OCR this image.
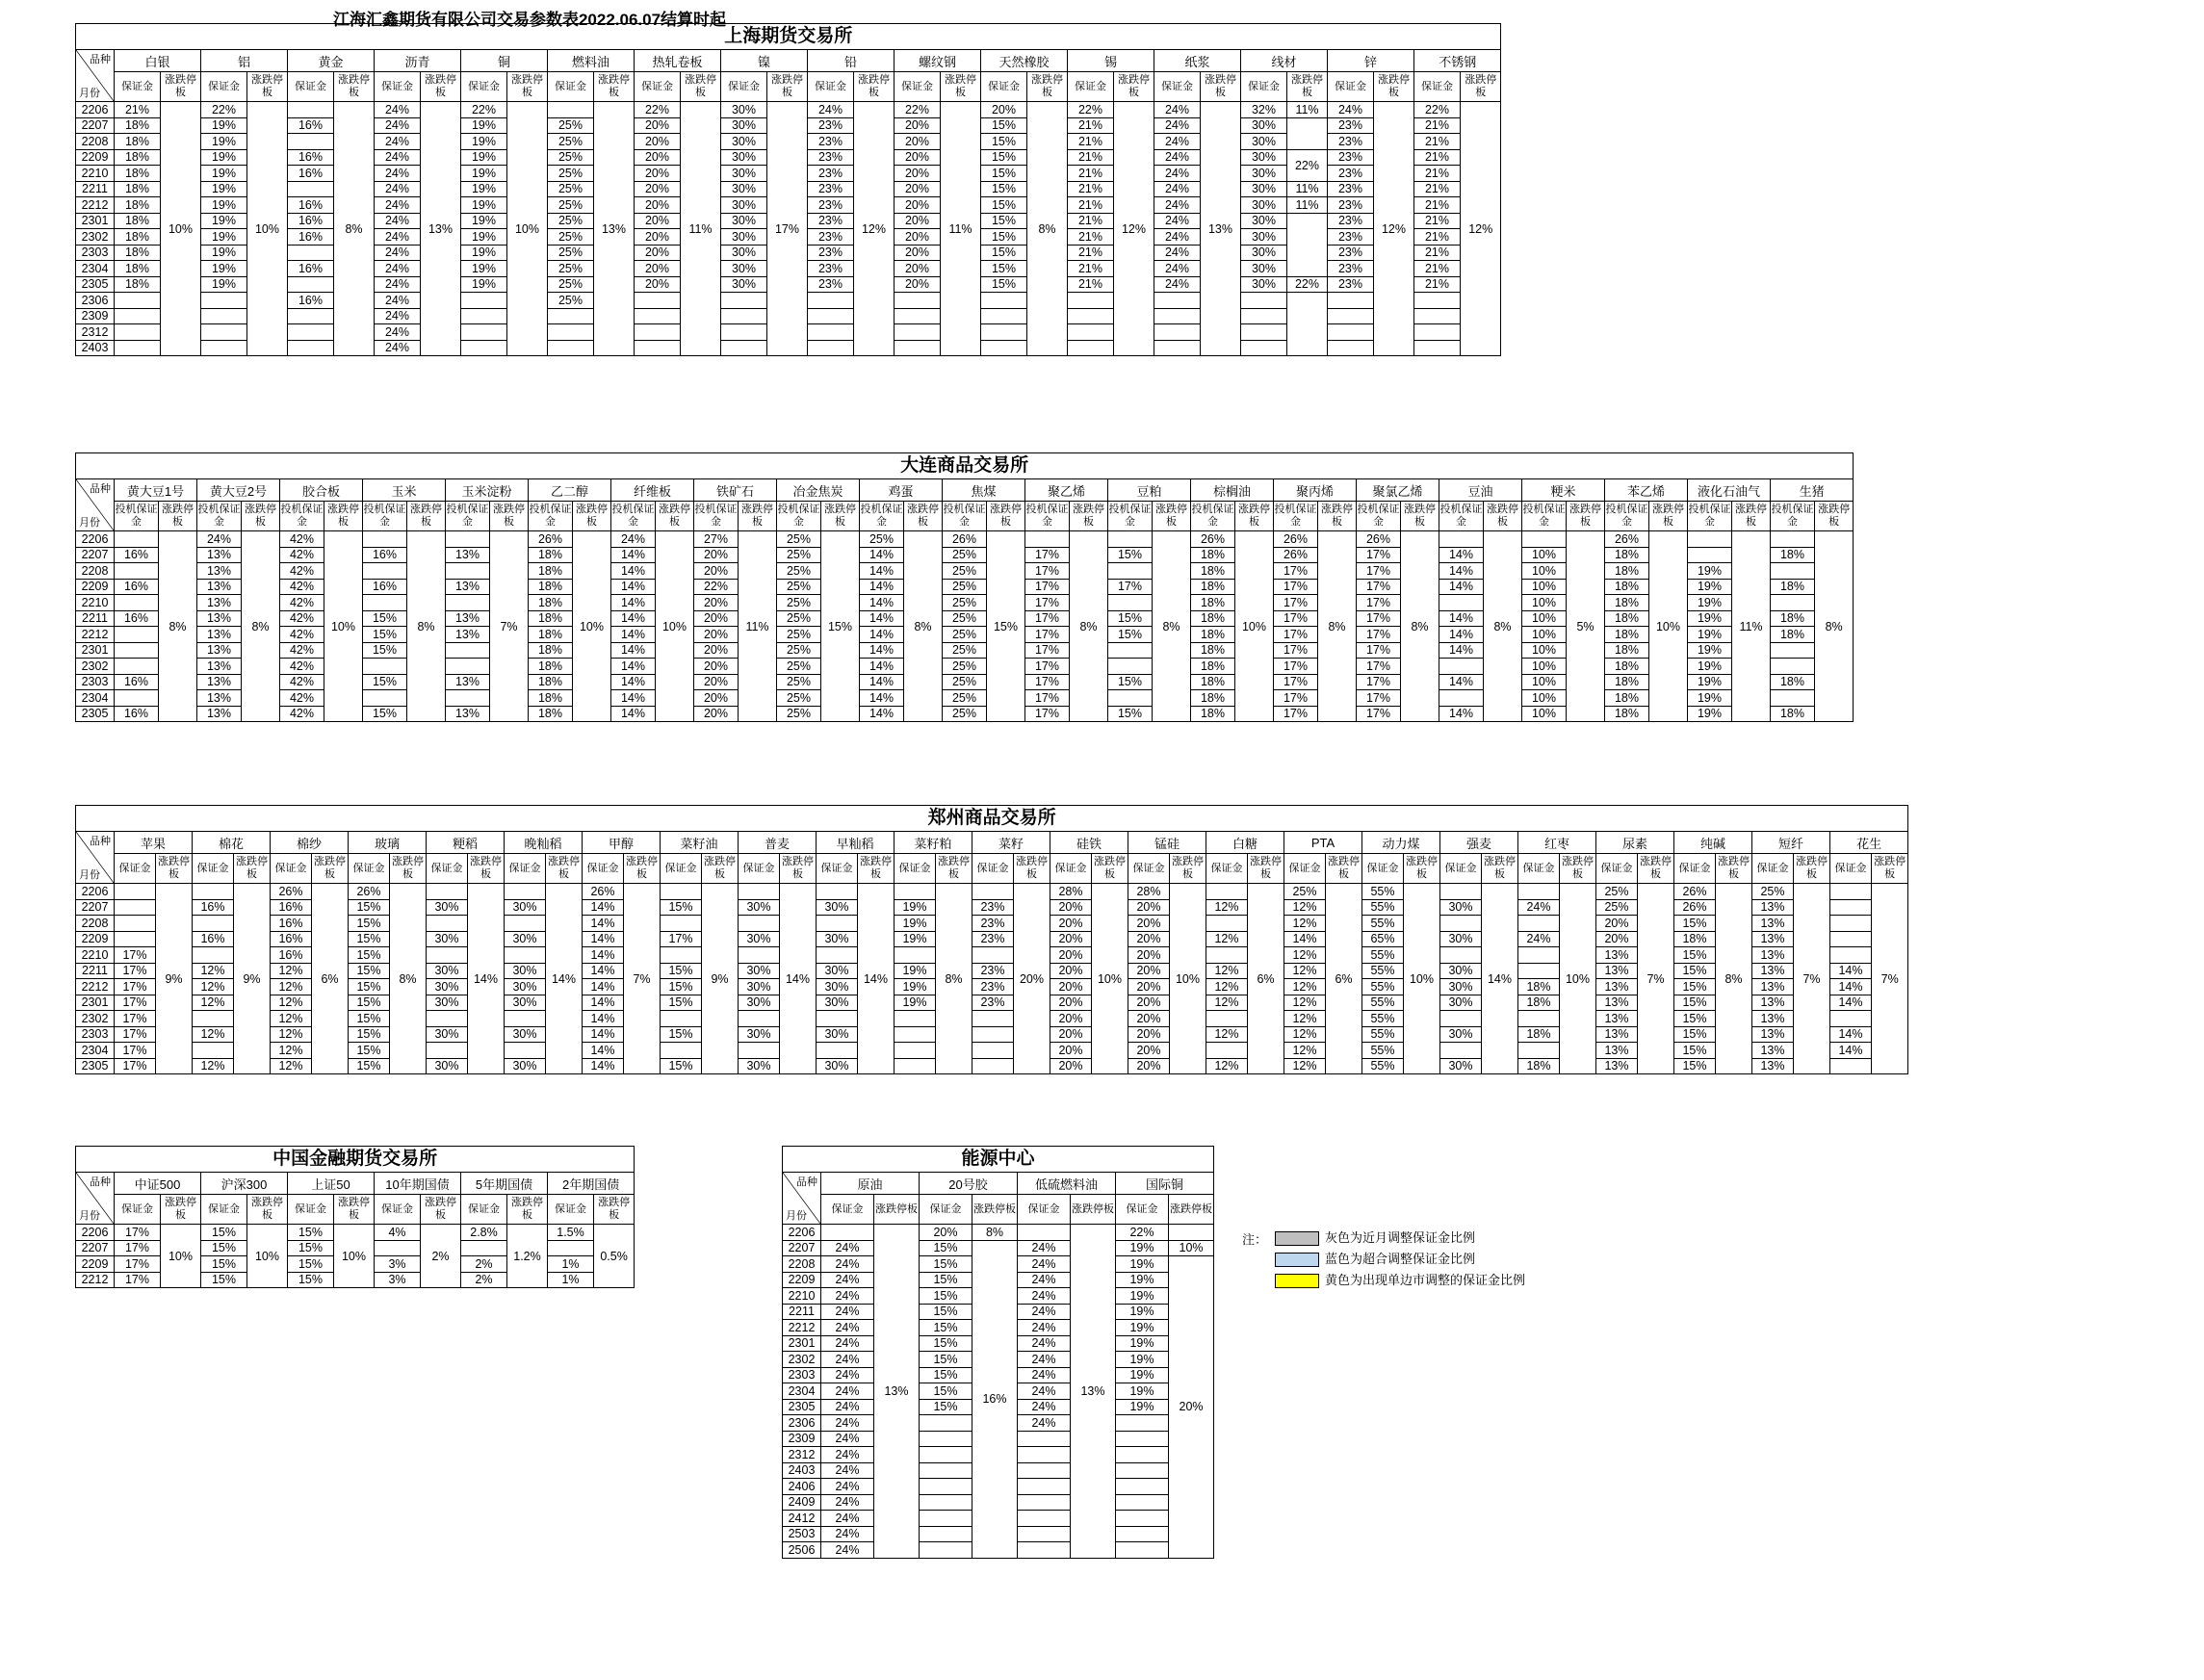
江海汇鑫期货有限公司交易参数表2022.06.07结算时起
上海期货交易所																																

品种
月份	白银		铝		黄金		沥青		铜		燃料油		热轧卷板		镍		铅		螺纹钢		天然橡胶		锡		纸浆		线材		锌		不锈钢	
	保证金	涨跌停板	保证金	涨跌停板	保证金	涨跌停板	保证金	涨跌停板	保证金	涨跌停板	保证金	涨跌停板	保证金	涨跌停板	保证金	涨跌停板	保证金	涨跌停板	保证金	涨跌停板	保证金	涨跌停板	保证金	涨跌停板	保证金	涨跌停板	保证金	涨跌停板	保证金	涨跌停板	保证金	涨跌停板
2206	21%	10%	22%	10%		8%	24%	13%	22%	10%		13%	22%	11%	30%	17%	24%	12%	22%	11%	20%	8%	22%	12%	24%	13%	32%	11%	24%	12%	22%	12%
2207	18%		19%		16%		24%		19%		25%		20%		30%		23%		20%		15%		21%		24%		30%		23%		21%	
2208	18%		19%				24%		19%		25%		20%		30%		23%		20%		15%		21%		24%		30%		23%		21%	
2209	18%		19%		16%		24%		19%		25%		20%		30%		23%		20%		15%		21%		24%		30%	22%	23%		21%	
2210	18%		19%		16%		24%		19%		25%		20%		30%		23%		20%		15%		21%		24%		30%		23%		21%	
2211	18%		19%				24%		19%		25%		20%		30%		23%		20%		15%		21%		24%		30%	11%	23%		21%	
2212	18%		19%		16%		24%		19%		25%		20%		30%		23%		20%		15%		21%		24%		30%	11%	23%		21%	
2301	18%		19%		16%		24%		19%		25%		20%		30%		23%		20%		15%		21%		24%		30%		23%		21%	
2302	18%		19%		16%		24%		19%		25%		20%		30%		23%		20%		15%		21%		24%		30%		23%		21%	
2303	18%		19%				24%		19%		25%		20%		30%		23%		20%		15%		21%		24%		30%		23%		21%	
2304	18%		19%		16%		24%		19%		25%		20%		30%		23%		20%		15%		21%		24%		30%		23%		21%	
2305	18%		19%				24%		19%		25%		20%		30%		23%		20%		15%		21%		24%		30%	22%	23%		21%	
2306					16%		24%				25%																					
2309							24%																									
2312							24%																									
2403							24%																									
大连商品交易所																																										

品种
月份	黄大豆1号		黄大豆2号		胶合板		玉米		玉米淀粉		乙二醇		纤维板		铁矿石		冶金焦炭		鸡蛋		焦煤		聚乙烯		豆粕		棕榈油		聚丙烯		聚氯乙烯		豆油		粳米		苯乙烯		液化石油气		生猪	
	投机保证金	涨跌停板	投机保证金	涨跌停板	投机保证金	涨跌停板	投机保证金	涨跌停板	投机保证金	涨跌停板	投机保证金	涨跌停板	投机保证金	涨跌停板	投机保证金	涨跌停板	投机保证金	涨跌停板	投机保证金	涨跌停板	投机保证金	涨跌停板	投机保证金	涨跌停板	投机保证金	涨跌停板	投机保证金	涨跌停板	投机保证金	涨跌停板	投机保证金	涨跌停板	投机保证金	涨跌停板	投机保证金	涨跌停板	投机保证金	涨跌停板	投机保证金	涨跌停板	投机保证金	涨跌停板
2206		8%	24%	8%	42%	10%		8%		7%	26%	10%	24%	10%	27%	11%	25%	15%	25%	8%	26%	15%		8%		8%	26%	10%	26%	8%	26%	8%		8%		5%	26%	10%		11%		8%
2207	16%		13%		42%		16%		13%		18%		14%		20%		25%		14%		25%		17%		15%		18%		26%		17%		14%		10%		18%				18%	
2208			13%		42%						18%		14%		20%		25%		14%		25%		17%				18%		17%		17%		14%		10%		18%		19%			
2209	16%		13%		42%		16%		13%		18%		14%		22%		25%		14%		25%		17%		17%		18%		17%		17%		14%		10%		18%		19%		18%	
2210			13%		42%						18%		14%		20%		25%		14%		25%		17%				18%		17%		17%				10%		18%		19%			
2211	16%		13%		42%		15%		13%		18%		14%		20%		25%		14%		25%		17%		15%		18%		17%		17%		14%		10%		18%		19%		18%	
2212			13%		42%		15%		13%		18%		14%		20%		25%		14%		25%		17%		15%		18%		17%		17%		14%		10%		18%		19%		18%	
2301			13%		42%		15%				18%		14%		20%		25%		14%		25%		17%				18%		17%		17%		14%		10%		18%		19%			
2302			13%		42%						18%		14%		20%		25%		14%		25%		17%				18%		17%		17%				10%		18%		19%			
2303	16%		13%		42%		15%		13%		18%		14%		20%		25%		14%		25%		17%		15%		18%		17%		17%		14%		10%		18%		19%		18%	
2304			13%		42%						18%		14%		20%		25%		14%		25%		17%				18%		17%		17%				10%		18%		19%			
2305	16%		13%		42%		15%		13%		18%		14%		20%		25%		14%		25%		17%		15%		18%		17%		17%		14%		10%		18%		19%		18%	
郑州商品交易所																																														

品种
月份	苹果		棉花		棉纱		玻璃		粳稻		晚籼稻		甲醇		菜籽油		普麦		早籼稻		菜籽粕		菜籽		硅铁		锰硅		白糖		PTA		动力煤		强麦		红枣		尿素		纯碱		短纤		花生	
	保证金	涨跌停板	保证金	涨跌停板	保证金	涨跌停板	保证金	涨跌停板	保证金	涨跌停板	保证金	涨跌停板	保证金	涨跌停板	保证金	涨跌停板	保证金	涨跌停板	保证金	涨跌停板	保证金	涨跌停板	保证金	涨跌停板	保证金	涨跌停板	保证金	涨跌停板	保证金	涨跌停板	保证金	涨跌停板	保证金	涨跌停板	保证金	涨跌停板	保证金	涨跌停板	保证金	涨跌停板	保证金	涨跌停板	保证金	涨跌停板	保证金	涨跌停板
2206		9%		9%	26%	6%	26%	8%		14%		14%	26%	7%		9%		14%		14%		8%		20%	28%	10%	28%	10%		6%	25%	6%	55%	10%		14%		10%	25%	7%	26%	8%	25%	7%		7%
2207			16%		16%		15%		30%		30%		14%		15%		30%		30%		19%		23%		20%		20%		12%		12%		55%		30%		24%		25%		26%		13%			
2208					16%		15%						14%								19%		23%		20%		20%				12%		55%						20%		15%		13%			
2209			16%		16%		15%		30%		30%		14%		17%		30%		30%		19%		23%		20%		20%		12%		14%		65%		30%		24%		20%		18%		13%			
2210	17%				16%		15%						14%												20%		20%				12%		55%						13%		15%		13%			
2211	17%		12%		12%		15%		30%		30%		14%		15%		30%		30%		19%		23%		20%		20%		12%		12%		55%		30%				13%		15%		13%		14%	
2212	17%		12%		12%		15%		30%		30%		14%		15%		30%		30%		19%		23%		20%		20%		12%		12%		55%		30%		18%		13%		15%		13%		14%	
2301	17%		12%		12%		15%		30%		30%		14%		15%		30%		30%		19%		23%		20%		20%		12%		12%		55%		30%		18%		13%		15%		13%		14%	
2302	17%				12%		15%						14%												20%		20%				12%		55%						13%		15%		13%			
2303	17%		12%		12%		15%		30%		30%		14%		15%		30%		30%						20%		20%		12%		12%		55%		30%		18%		13%		15%		13%		14%	
2304	17%				12%		15%						14%												20%		20%				12%		55%						13%		15%		13%		14%	
2305	17%		12%		12%		15%		30%		30%		14%		15%		30%		30%						20%		20%		12%		12%		55%		30%		18%		13%		15%		13%			
中国金融期货交易所												

品种
月份	中证500		沪深300		上证50		10年期国债		5年期国债		2年期国债	
	保证金	涨跌停板	保证金	涨跌停板	保证金	涨跌停板	保证金	涨跌停板	保证金	涨跌停板	保证金	涨跌停板
2206	17%	10%	15%	10%	15%	10%	4%	2%	2.8%	1.2%	1.5%	0.5%
2207	17%		15%		15%							
2209	17%		15%		15%		3%		2%		1%	
2212	17%		15%		15%		3%		2%		1%	
能源中心								

品种
月份	原油		20号胶		低硫燃料油		国际铜	
	保证金	涨跌停板	保证金	涨跌停板	保证金	涨跌停板	保证金	涨跌停板
2206		13%	20%	8%		13%	22%	
2207	24%		15%	16%	24%		19%	10%
2208	24%		15%		24%		19%	20%
2209	24%		15%		24%		19%	
2210	24%		15%		24%		19%	
2211	24%		15%		24%		19%	
2212	24%		15%		24%		19%	
2301	24%		15%		24%		19%	
2302	24%		15%		24%		19%	
2303	24%		15%		24%		19%	
2304	24%		15%		24%		19%	
2305	24%		15%		24%		19%	
2306	24%				24%			
2309	24%							
2312	24%							
2403	24%							
2406	24%							
2409	24%							
2412	24%							
2503	24%							
2506	24%							
注：	灰色为近月调整保证金比例
蓝色为超合调整保证金比例
黄色为出现单边市调整的保证金比例
